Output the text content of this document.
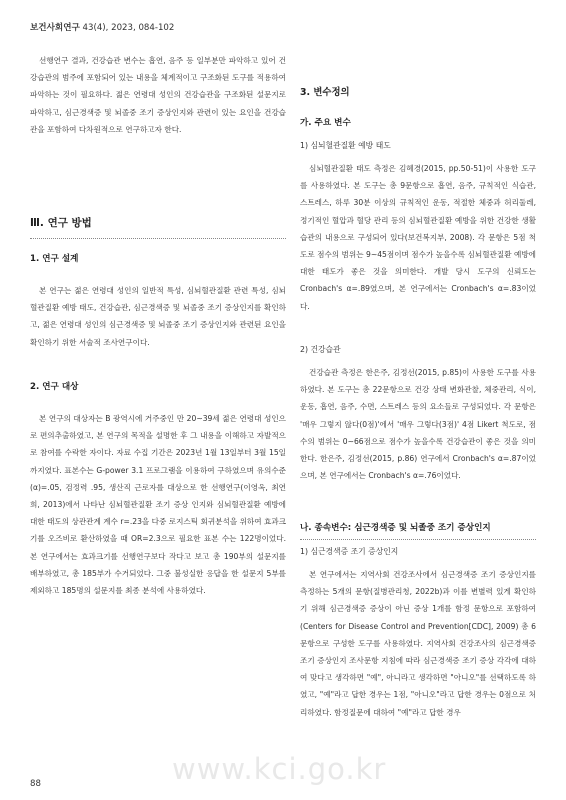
보건사회연구 43(4), 2023, 084-102

선행연구 결과, 건강습관 변수는 흡연, 음주 등 일부분만 파악하고 있어 건강습관의 범주에 포함되어 있는 내용을 체계적이고 구조화된 도구를 적용하여 파악하는 것이 필요하다. 젊은 연령대 성인의 건강습관을 구조화된 설문지로 파악하고, 심근경색증 및 뇌졸중 조기 증상인지와 관련이 있는 요인을 건강습관을 포함하여 다차원적으로 연구하고자 한다.

Ⅲ. 연구 방법
1. 연구 설계

본 연구는 젊은 연령대 성인의 일반적 특성, 심뇌혈관질환 관련 특성, 심뇌혈관질환 예방 태도, 건강습관, 심근경색증 및 뇌졸중 조기 증상인지를 확인하고, 젊은 연령대 성인의 심근경색증 및 뇌졸중 조기 증상인지와 관련된 요인을 확인하기 위한 서술적 조사연구이다.

2. 연구 대상

본 연구의 대상자는 B 광역시에 거주중인 만 20~39세 젊은 연령대 성인으로 편의추출하였고, 본 연구의 목적을 설명한 후 그 내용을 이해하고 자발적으로 참여를 수락한 자이다. 자료 수집 기간은 2023년 1월 13일부터 3월 15일까지였다. 표본수는 G-power 3.1 프로그램을 이용하여 구하였으며 유의수준(α)=.05, 검정력 .95, 생산직 근로자를 대상으로 한 선행연구(이영옥, 최연희, 2013)에서 나타난 심뇌혈관질환 조기 증상 인지와 심뇌혈관질환 예방에 대한 태도의 상관관계 계수 r=.23을 다중 로지스틱 회귀분석을 위하여 효과크기를 오즈비로 환산하였을 때 OR=2.3으로 필요한 표본 수는 122명이었다. 본 연구에서는 효과크기를 선행연구보다 작다고 보고 총 190부의 설문지를 배부하였고, 총 185부가 수거되었다. 그중 불성실한 응답을 한 설문지 5부를 제외하고 185명의 설문지를 최종 분석에 사용하였다.

3. 변수정의
가. 주요 변수
1) 심뇌혈관질환 예방 태도

심뇌혈관질환 태도 측정은 김혜경(2015, pp.50-51)이 사용한 도구를 사용하였다. 본 도구는 총 9문항으로 흡연, 음주, 규칙적인 식습관, 스트레스, 하루 30분 이상의 규칙적인 운동, 적절한 체중과 허리둘레, 정기적인 혈압과 혈당 관리 등의 심뇌혈관질환 예방을 위한 건강한 생활습관의 내용으로 구성되어 있다(보건복지부, 2008). 각 문항은 5점 척도로 점수의 범위는 9~45점이며 점수가 높을수록 심뇌혈관질환 예방에 대한 태도가 좋은 것을 의미한다. 개발 당시 도구의 신뢰도는 Cronbach's α=.89였으며, 본 연구에서는 Cronbach's α=.83이었다.

2) 건강습관

건강습관 측정은 한은주, 김정선(2015, p.85)이 사용한 도구를 사용하였다. 본 도구는 총 22문항으로 건강 상태 변화관찰, 체중관리, 식이, 운동, 흡연, 음주, 수면, 스트레스 등의 요소들로 구성되었다. 각 문항은 '매우 그렇지 않다(0점)'에서 '매우 그렇다(3점)' 4점 Likert 척도로, 점수의 범위는 0~66점으로 점수가 높을수록 건강습관이 좋은 것을 의미한다. 한은주, 김정선(2015, p.86) 연구에서 Cronbach's α=.87이었으며, 본 연구에서는 Cronbach's α=.76이었다.

나. 종속변수: 심근경색증 및 뇌졸중 조기 증상인지
1) 심근경색증 조기 증상인지

본 연구에서는 지역사회 건강조사에서 심근경색증 조기 증상인지를 측정하는 5개의 문항(질병관리청, 2022b)과 이를 변별력 있게 확인하기 위해 심근경색증 증상이 아닌 증상 1개를 함정 문항으로 포함하여(Centers for Disease Control and Prevention[CDC], 2009) 총 6문항으로 구성한 도구를 사용하였다. 지역사회 건강조사의 심근경색증 조기 증상인지 조사문항 지침에 따라 심근경색증 조기 증상 각각에 대하여 맞다고 생각하면 "예", 아니라고 생각하면 "아니오"를 선택하도록 하였고, "예"라고 답한 경우는 1점, "아니오"라고 답한 경우는 0점으로 처리하였다. 함정질문에 대하여 "예"라고 답한 경우

www.kci.go.kr
88
